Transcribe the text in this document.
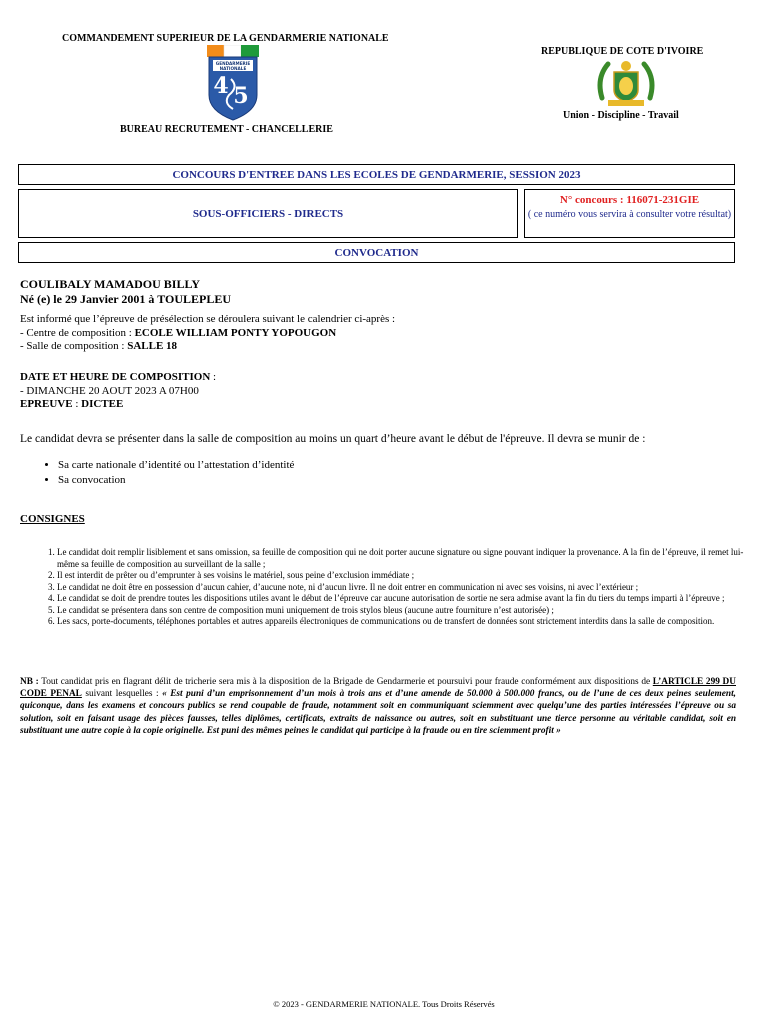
COMMANDEMENT SUPERIEUR DE LA GENDARMERIE NATIONALE
GENDARMERIE
NATIONALE
4 5
BUREAU RECRUTEMENT - CHANCELLERIE
REPUBLIQUE DE COTE D'IVOIRE
Union - Discipline - Travail
CONCOURS D'ENTREE DANS LES ECOLES DE GENDARMERIE, SESSION 2023
SOUS-OFFICIERS - DIRECTS
N° concours : 116071-231GIE
( ce numéro vous servira à consulter votre résultat)
CONVOCATION
COULIBALY MAMADOU BILLY
Né (e) le 29 Janvier 2001 à TOULEPLEU
Est informé que l’épreuve de présélection se déroulera suivant le calendrier ci-après :
- Centre de composition : ECOLE WILLIAM PONTY YOPOUGON
- Salle de composition : SALLE 18
DATE ET HEURE DE COMPOSITION :
- DIMANCHE 20 AOUT 2023 A 07H00
EPREUVE : DICTEE
Le candidat devra se présenter dans la salle de composition au moins un quart d’heure avant le début de l'épreuve. Il devra se munir de :
• Sa carte nationale d’identité ou l’attestation d’identité
• Sa convocation
CONSIGNES
1. Le candidat doit remplir lisiblement et sans omission, sa feuille de composition qui ne doit porter aucune signature ou signe pouvant indiquer la provenance. A la fin de l’épreuve, il remet lui-même sa feuille de composition au surveillant de la salle ;
2. Il est interdit de prêter ou d’emprunter à ses voisins le matériel, sous peine d’exclusion immédiate ;
3. Le candidat ne doit être en possession d’aucun cahier, d’aucune note, ni d’aucun livre. Il ne doit entrer en communication ni avec ses voisins, ni avec l’extérieur ;
4. Le candidat se doit de prendre toutes les dispositions utiles avant le début de l’épreuve car aucune autorisation de sortie ne sera admise avant la fin du tiers du temps imparti à l’épreuve ;
5. Le candidat se présentera dans son centre de composition muni uniquement de trois stylos bleus (aucune autre fourniture n’est autorisée) ;
6. Les sacs, porte-documents, téléphones portables et autres appareils électroniques de communications ou de transfert de données sont strictement interdits dans la salle de composition.
NB : Tout candidat pris en flagrant délit de tricherie sera mis à la disposition de la Brigade de Gendarmerie et poursuivi pour fraude conformément aux dispositions de L’ARTICLE 299 DU CODE PENAL suivant lesquelles : « Est puni d’un emprisonnement d’un mois à trois ans et d’une amende de 50.000 à 500.000 francs, ou de l’une de ces deux peines seulement, quiconque, dans les examens et concours publics se rend coupable de fraude, notamment soit en communiquant sciemment avec quelqu’une des parties intéressées l’épreuve ou sa solution, soit en faisant usage des pièces fausses, telles diplômes, certificats, extraits de naissance ou autres, soit en substituant une tierce personne au véritable candidat, soit en substituant une autre copie à la copie originelle. Est puni des mêmes peines le candidat qui participe à la fraude ou en tire sciemment profit »
© 2023 - GENDARMERIE NATIONALE. Tous Droits Réservés
